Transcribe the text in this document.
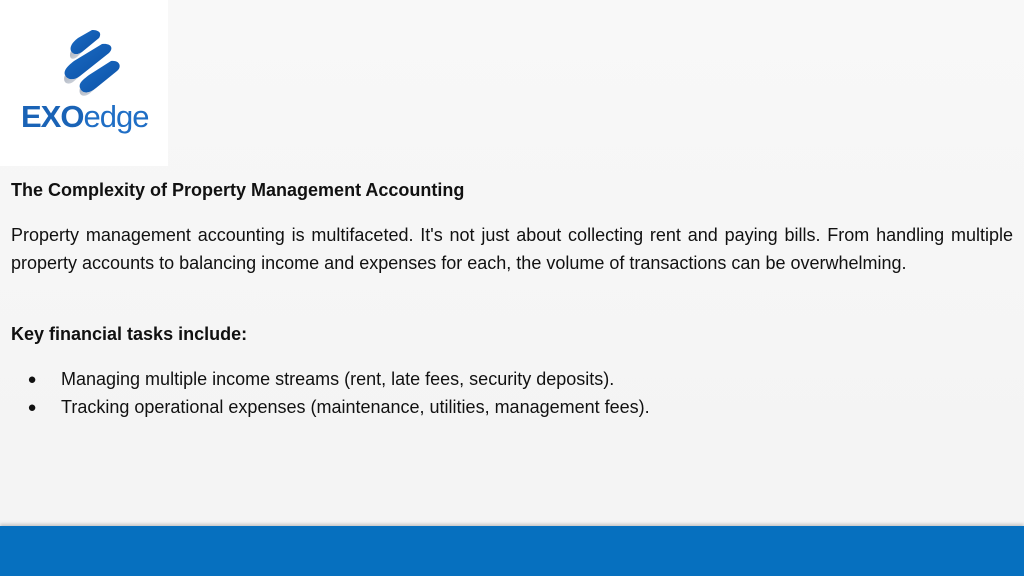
EXOedge
The Complexity of Property Management Accounting

Property management accounting is multifaceted. It's not just about collecting rent and paying bills. From handling multiple property accounts to balancing income and expenses for each, the volume of transactions can be overwhelming.

Key financial tasks include:
● Managing multiple income streams (rent, late fees, security deposits).
● Tracking operational expenses (maintenance, utilities, management fees).
